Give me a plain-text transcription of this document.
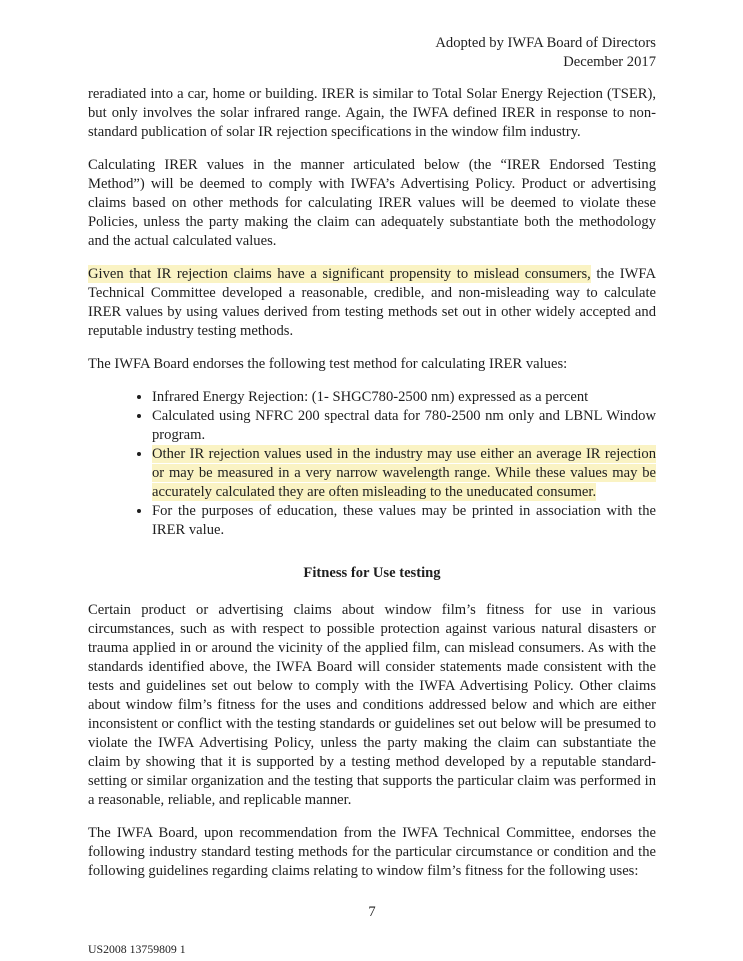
Adopted by IWFA Board of Directors
December 2017

reradiated into a car, home or building. IRER is similar to Total Solar Energy Rejection (TSER), but only involves the solar infrared range. Again, the IWFA defined IRER in response to non-standard publication of solar IR rejection specifications in the window film industry.

Calculating IRER values in the manner articulated below (the “IRER Endorsed Testing Method”) will be deemed to comply with IWFA’s Advertising Policy. Product or advertising claims based on other methods for calculating IRER values will be deemed to violate these Policies, unless the party making the claim can adequately substantiate both the methodology and the actual calculated values.

Given that IR rejection claims have a significant propensity to mislead consumers, the IWFA Technical Committee developed a reasonable, credible, and non-misleading way to calculate IRER values by using values derived from testing methods set out in other widely accepted and reputable industry testing methods.

The IWFA Board endorses the following test method for calculating IRER values:

• Infrared Energy Rejection: (1- SHGC780-2500 nm) expressed as a percent
• Calculated using NFRC 200 spectral data for 780-2500 nm only and LBNL Window program.
• Other IR rejection values used in the industry may use either an average IR rejection or may be measured in a very narrow wavelength range. While these values may be accurately calculated they are often misleading to the uneducated consumer.
• For the purposes of education, these values may be printed in association with the IRER value.
Fitness for Use testing

Certain product or advertising claims about window film’s fitness for use in various circumstances, such as with respect to possible protection against various natural disasters or trauma applied in or around the vicinity of the applied film, can mislead consumers. As with the standards identified above, the IWFA Board will consider statements made consistent with the tests and guidelines set out below to comply with the IWFA Advertising Policy. Other claims about window film’s fitness for the uses and conditions addressed below and which are either inconsistent or conflict with the testing standards or guidelines set out below will be presumed to violate the IWFA Advertising Policy, unless the party making the claim can substantiate the claim by showing that it is supported by a testing method developed by a reputable standard-setting or similar organization and the testing that supports the particular claim was performed in a reasonable, reliable, and replicable manner.

The IWFA Board, upon recommendation from the IWFA Technical Committee, endorses the following industry standard testing methods for the particular circumstance or condition and the following guidelines regarding claims relating to window film’s fitness for the following uses:

7
US2008 13759809 1
